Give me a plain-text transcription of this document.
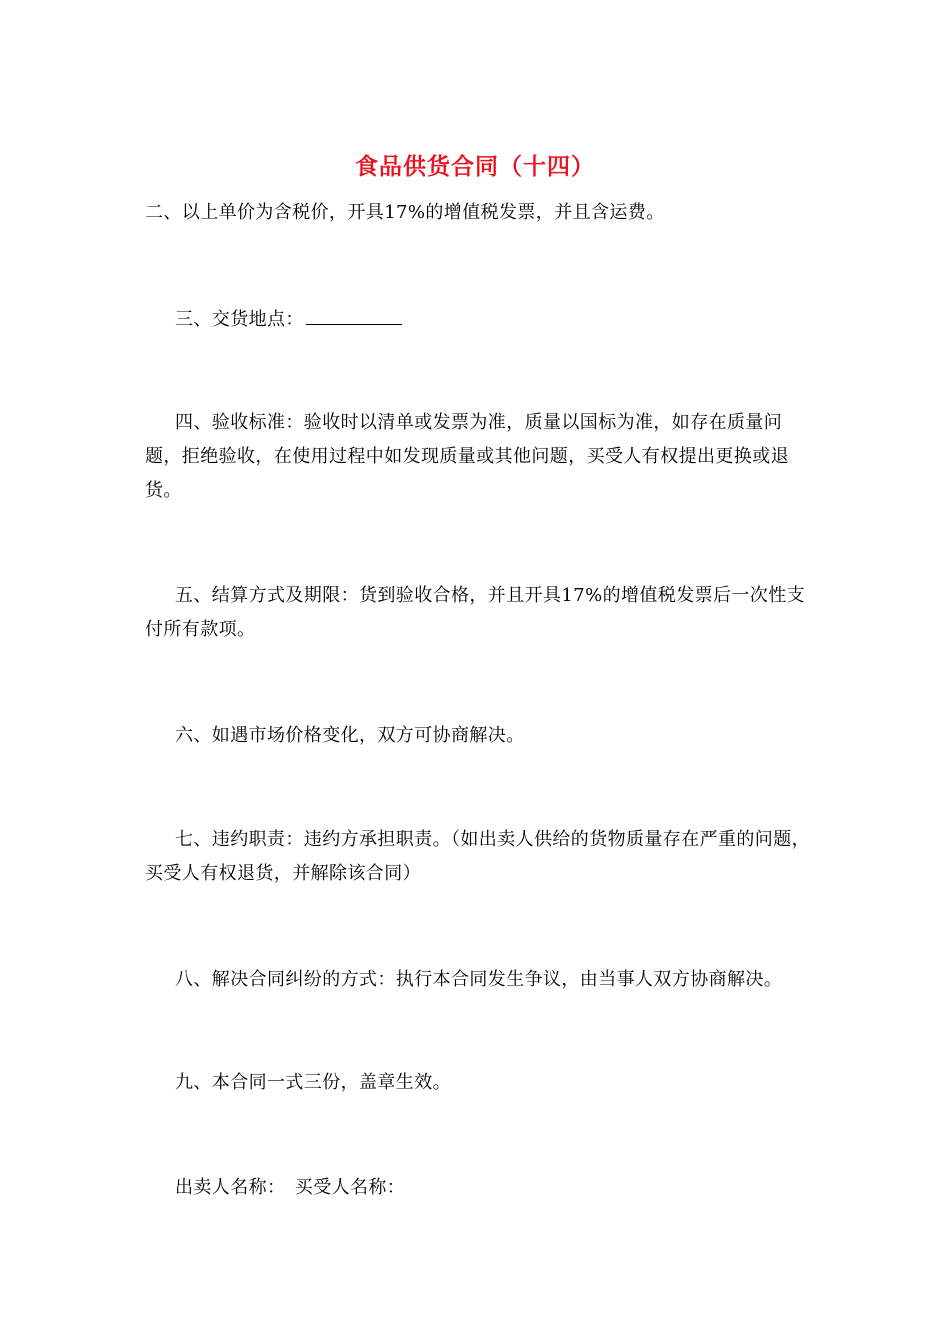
食品供货合同（十四）
二、以上单价为含税价，开具17%的增值税发票，并且含运费。
三、交货地点：
四、验收标准：验收时以清单或发票为准，质量以国标为准，如存在质量问题，拒绝验收，在使用过程中如发现质量或其他问题，买受人有权提出更换或退货。
五、结算方式及期限：货到验收合格，并且开具17%的增值税发票后一次性支付所有款项。
六、如遇市场价格变化，双方可协商解决。
七、违约职责：违约方承担职责。（如出卖人供给的货物质量存在严重的问题，买受人有权退货，并解除该合同）
八、解决合同纠纷的方式：执行本合同发生争议，由当事人双方协商解决。
九、本合同一式三份，盖章生效。
出卖人名称：　买受人名称：
